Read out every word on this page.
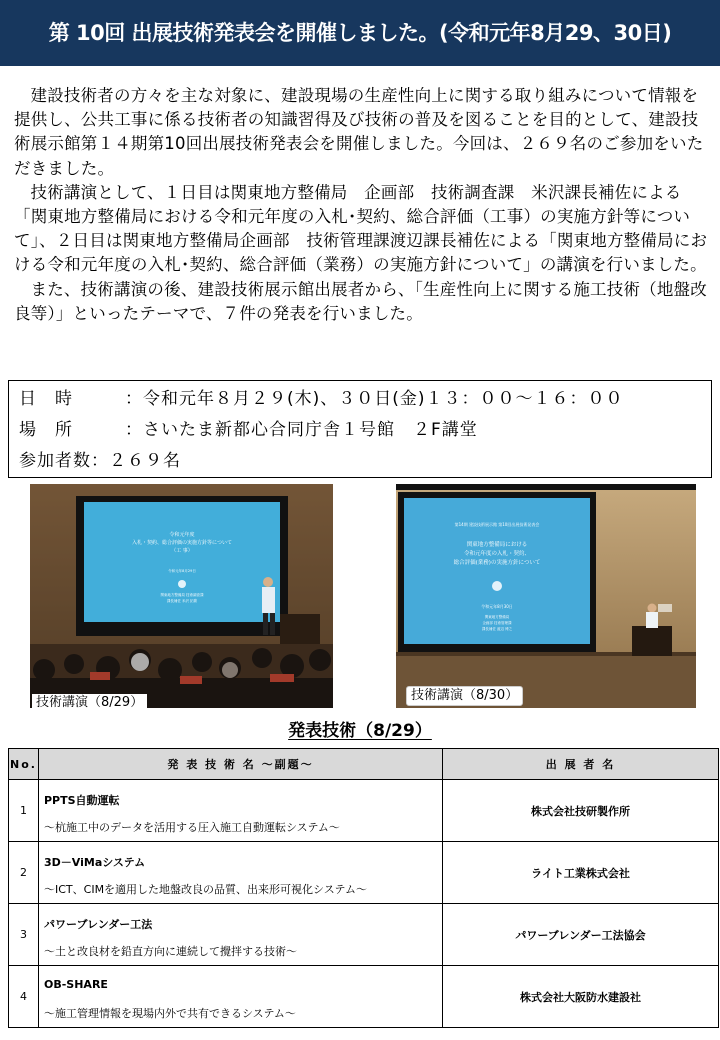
第 10回 出展技術発表会を開催しました。(令和元年8月29、30日)

建設技術者の方々を主な対象に、建設現場の生産性向上に関する取り組みについて情報を提供し、公共工事に係る技術者の知識習得及び技術の普及を図ることを目的として、建設技術展示館第１４期第10回出展技術発表会を開催しました。今回は、２６９名のご参加をいただきました。

技術講演として、１日目は関東地方整備局　企画部　技術調査課　米沢課長補佐による「関東地方整備局における令和元年度の入札･契約、総合評価（工事）の実施方針等について」、２日目は関東地方整備局企画部　技術管理課渡辺課長補佐による「関東地方整備局における令和元年度の入札･契約、総合評価（業務）の実施方針について」の講演を行いました。

また、技術講演の後、建設技術展示館出展者から、「生産性向上に関する施工技術（地盤改良等）」といったテーマで、７件の発表を行いました。

日　時	：令和元年８月２９(木)、３０日(金)１３：００～１６：００
場　所	：さいたま新都心合同庁舎１号館　２F講堂
参加者数：２６９名
令和元年度
入札・契約、総合評価の実施方針等について
（工 事）
令和元年8月29日
関東地方整備局 技術調査課
課長補佐 米沢 拓繁
第14期 建設技術展示館 第10回出展技術発表会
関東地方整備局における
令和元年度の入札・契約、
総合評価(業務)の実施方針について
令和元年8月30日
関東地方整備局
企画部 技術管理課
課長補佐 渡辺 博之
技術講演（8/29）	技術講演（8/30）
発表技術（8/29）
No.	発 表 技 術 名 ～副題～	出 展 者 名
1	PPTS自動運転
～杭施工中のデータを活用する圧入施工自動運転システム～	株式会社技研製作所
2	3D－ViMaシステム
～ICT、CIMを適用した地盤改良の品質、出来形可視化システム～	ライト工業株式会社
3	パワーブレンダー工法
～土と改良材を鉛直方向に連続して攪拌する技術～	パワーブレンダー工法協会
4	OB-SHARE
～施工管理情報を現場内外で共有できるシステム～	株式会社大阪防水建設社
